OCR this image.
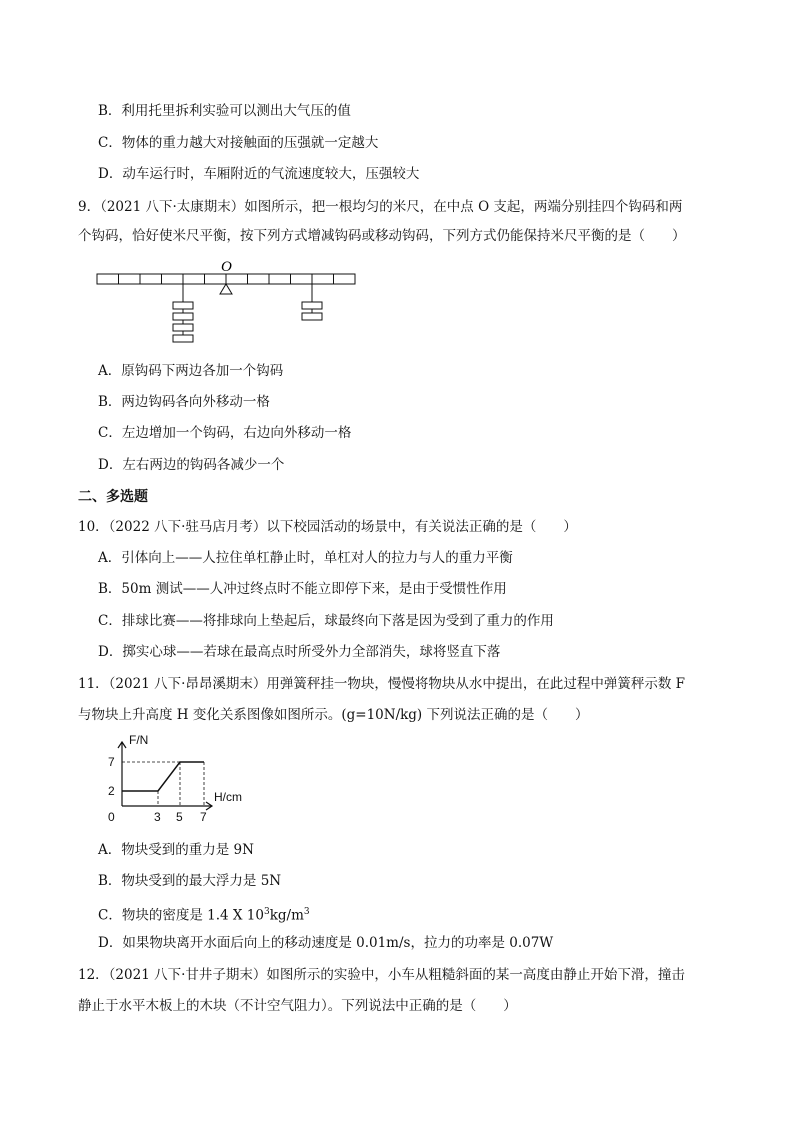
B．利用托里拆利实验可以测出大气压的值
C．物体的重力越大对接触面的压强就一定越大
D．动车运行时，车厢附近的气流速度较大，压强较大
9．（2021 八下·太康期末）如图所示，把一根均匀的米尺，在中点 O 支起，两端分别挂四个钩码和两
个钩码，恰好使米尺平衡，按下列方式增减钩码或移动钩码，下列方式仍能保持米尺平衡的是（　　）
O
A．原钩码下两边各加一个钩码
B．两边钩码各向外移动一格
C．左边增加一个钩码，右边向外移动一格
D．左右两边的钩码各减少一个
二、多选题
10．（2022 八下·驻马店月考）以下校园活动的场景中，有关说法正确的是（　　）
A．引体向上——人拉住单杠静止时，单杠对人的拉力与人的重力平衡
B．50m 测试——人冲过终点时不能立即停下来，是由于受惯性作用
C．排球比赛——将排球向上垫起后，球最终向下落是因为受到了重力的作用
D．掷实心球——若球在最高点时所受外力全部消失，球将竖直下落
11．（2021 八下·昂昂溪期末）用弹簧秤挂一物块，慢慢将物块从水中提出，在此过程中弹簧秤示数 F
与物块上升高度 H 变化关系图像如图所示。(g=10N/kg) 下列说法正确的是（　　）
F/N
H/cm
7
2
0	3 5 7
A．物块受到的重力是 9N
B．物块受到的最大浮力是 5N
C．物块的密度是 1.4 X $10^3kg/m^3$
D．如果物块离开水面后向上的移动速度是 0.01m/s，拉力的功率是 0.07W
12．（2021 八下·甘井子期末）如图所示的实验中，小车从粗糙斜面的某一高度由静止开始下滑，撞击
静止于水平木板上的木块（不计空气阻力）。下列说法中正确的是（　　）
